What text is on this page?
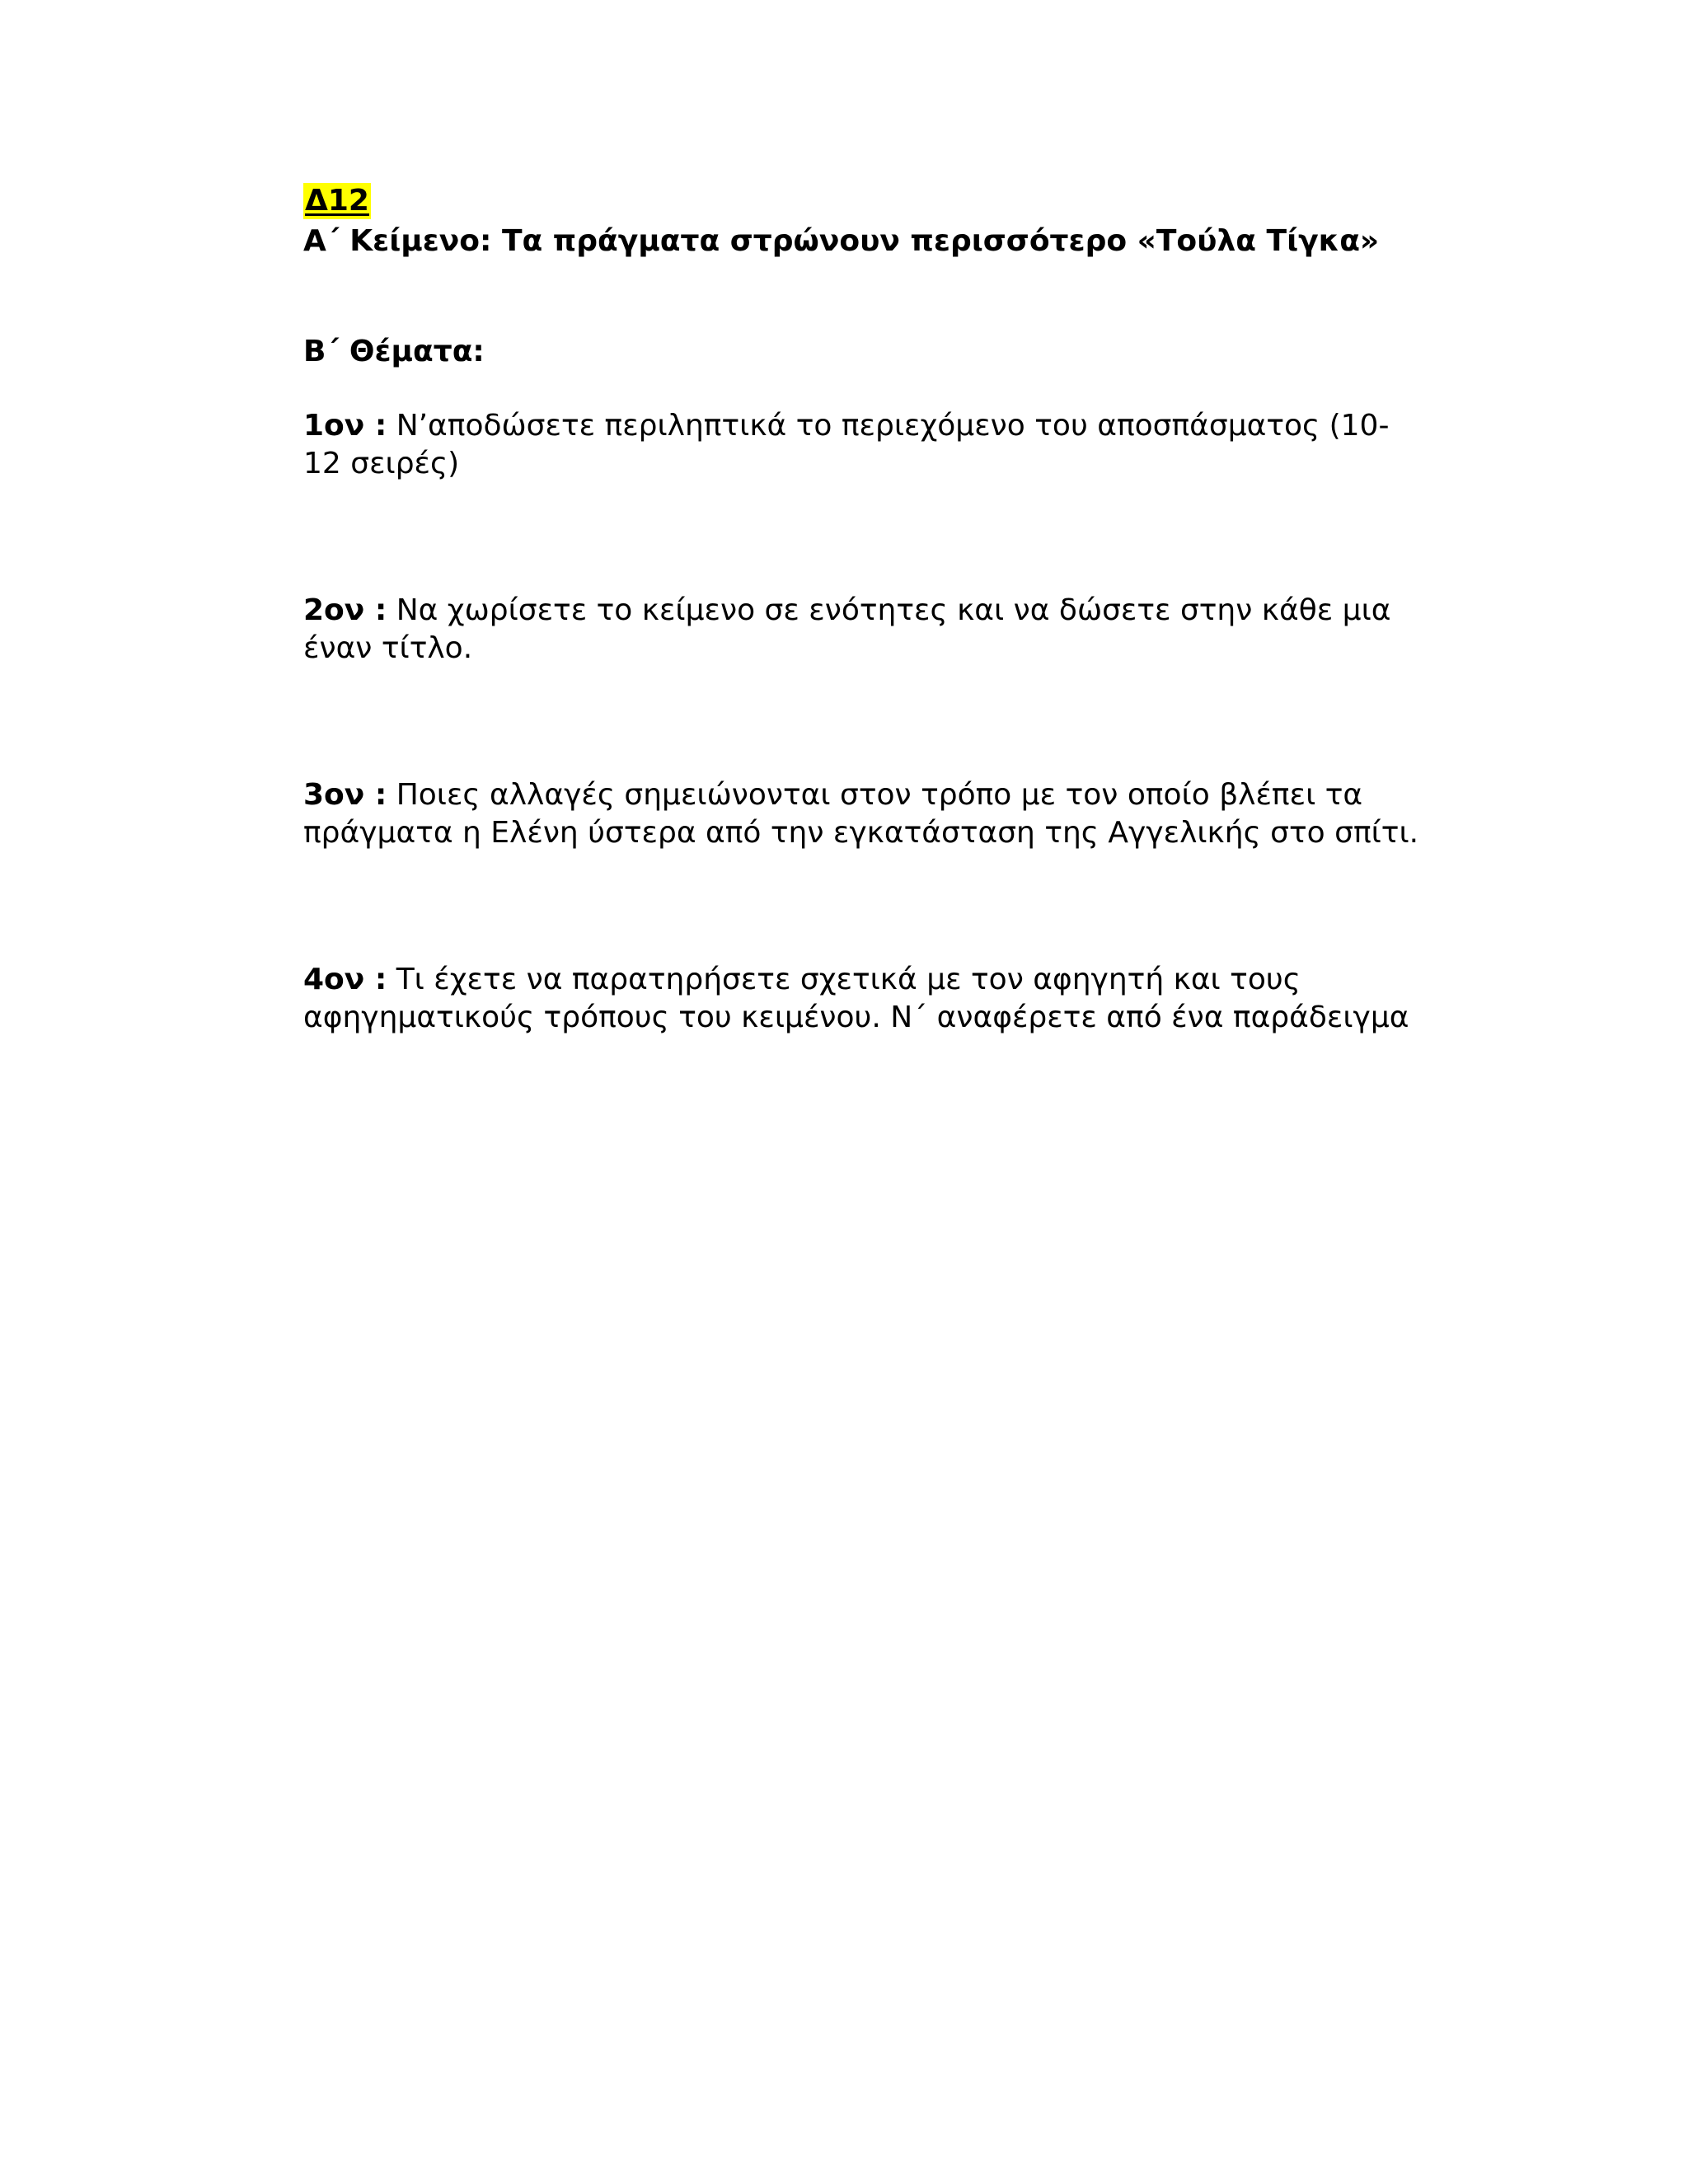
Δ12
Α΄ Κείμενο: Τα πράγματα στρώνουν περισσότερο «Τούλα Τίγκα»
Β΄ Θέματα:

1ον : Ν’αποδώσετε περιληπτικά το περιεχόμενο του αποσπάσματος (10-12 σειρές)

2ον : Να χωρίσετε το κείμενο σε ενότητες και να δώσετε στην κάθε μια έναν τίτλο.

3ον : Ποιες αλλαγές σημειώνονται στον τρόπο με τον οποίο βλέπει τα πράγματα η Ελένη ύστερα από την εγκατάσταση της Αγγελικής στο σπίτι.

4ον : Τι έχετε να παρατηρήσετε σχετικά με τον αφηγητή και τους αφηγηματικούς τρόπους του κειμένου. Ν΄ αναφέρετε από ένα παράδειγμα
